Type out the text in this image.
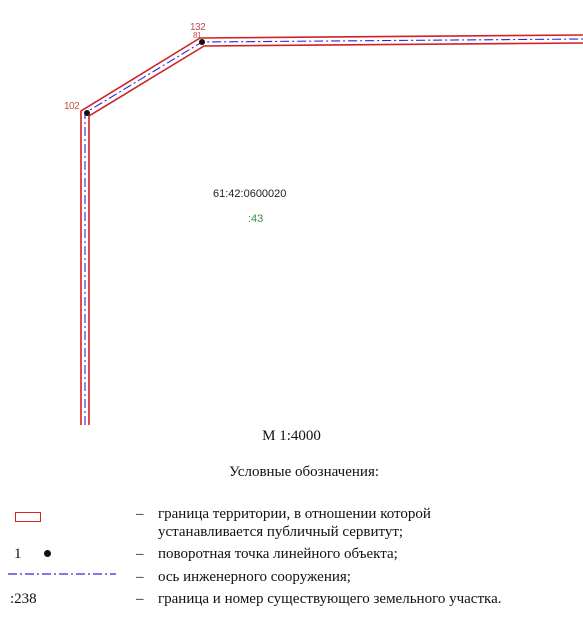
132
81
102
61:42:0600020
:43
М 1:4000
Условные обозначения:
– граница территории, в отношении которой
устанавливается публичный сервитут;
1	– поворотная точка линейного объекта;
– ось инженерного сооружения;
:238	– граница и номер существующего земельного участка.
